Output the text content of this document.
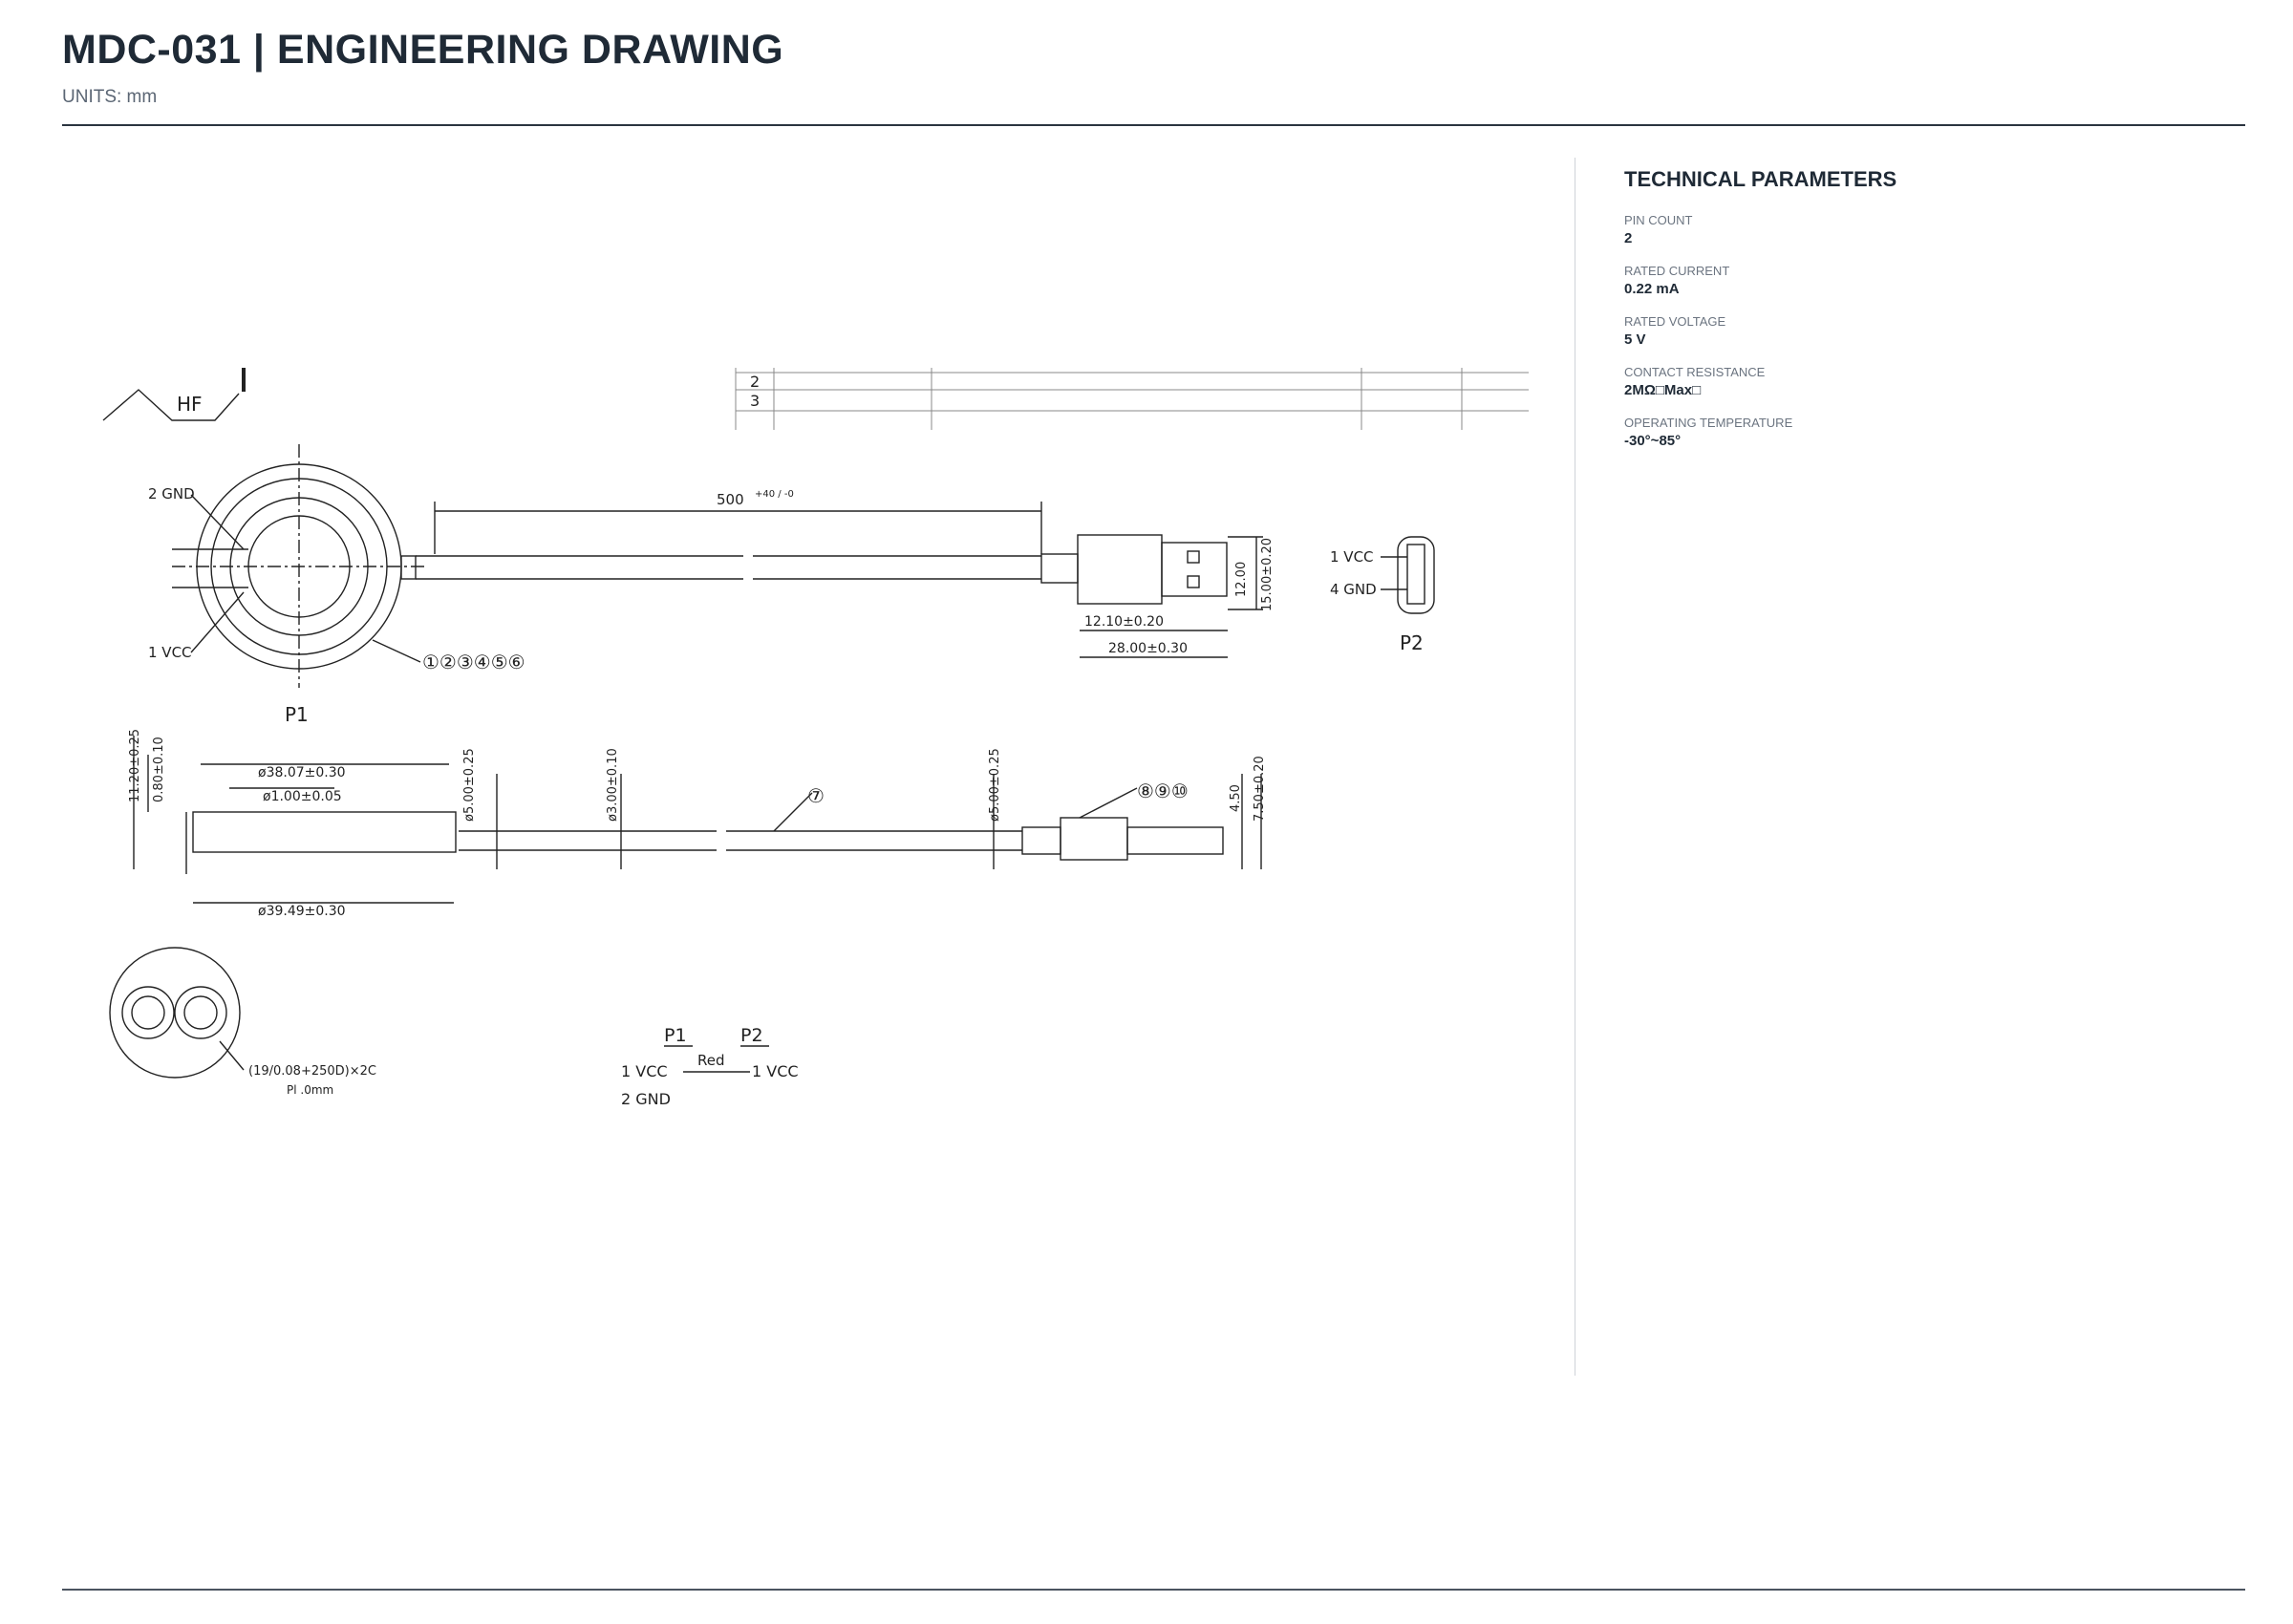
MDC-031 | ENGINEERING DRAWING
UNITS: mm
HF
2
3
2 GND
1 VCC
P1
①②③④⑤⑥
500 +40 / -0
12.10±0.20
28.00±0.30
12.00 15.00±0.20	1 VCC
4 GND
P2
11.20±0.25 0.80±0.10	ø38.07±0.30
ø1.00±0.05
ø39.49±0.30
ø5.00±0.25	ø3.00±0.10	ø5.00±0.25	4.50 7.50±0.20
⑦	⑧⑨⑩
(19/0.08+250D)×2C
Pl .0mm
P1	P2
Red
1 VCC	1 VCC
2 GND
TECHNICAL PARAMETERS
PIN COUNT
2
RATED CURRENT
0.22 mA
RATED VOLTAGE
5 V
CONTACT RESISTANCE
2MΩ□Max□
OPERATING TEMPERATURE
-30°~85°
